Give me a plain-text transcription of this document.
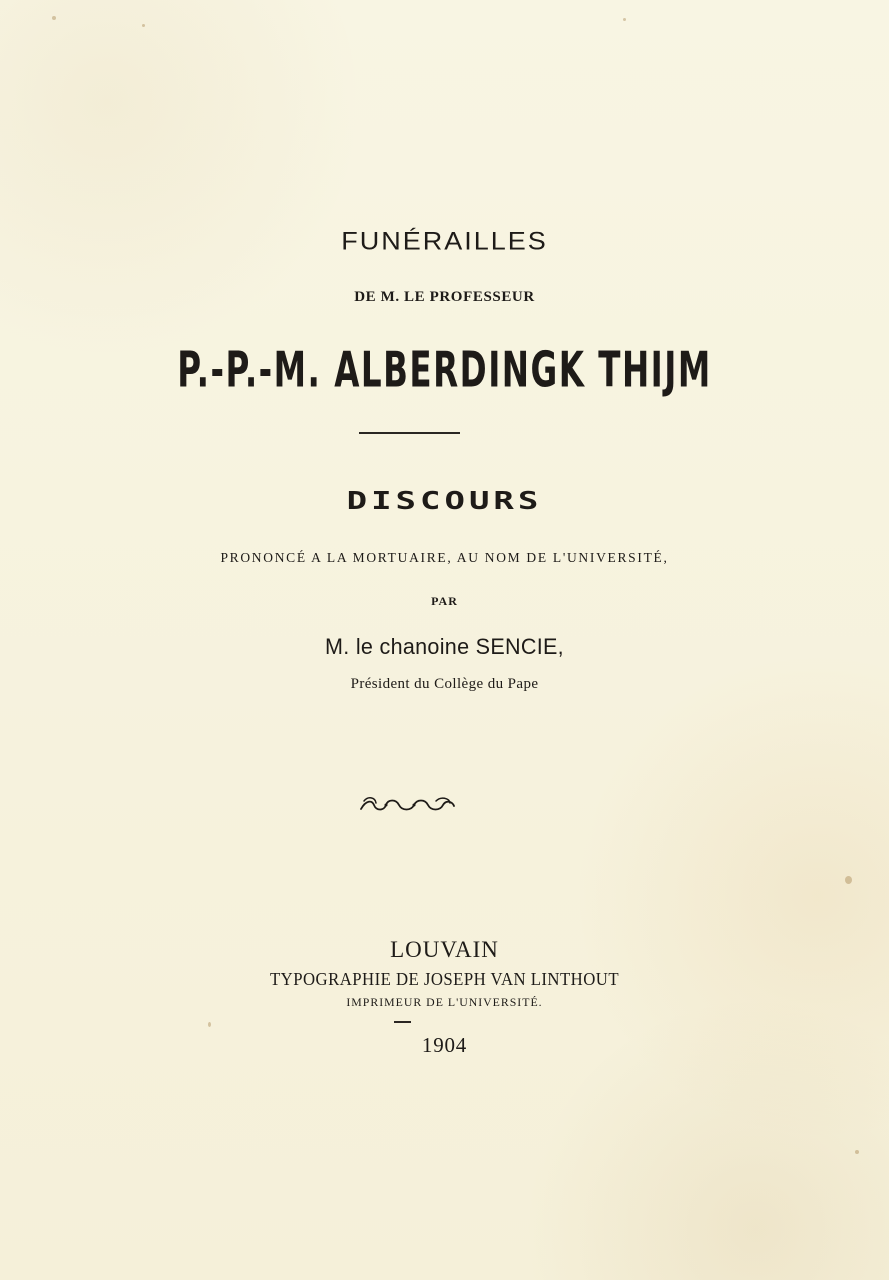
FUNÉRAILLES
DE M. LE PROFESSEUR
P.-P.-M. ALBERDINGK THIJM
DISCOURS
PRONONCÉ A LA MORTUAIRE, AU NOM DE L'UNIVERSITÉ,
PAR
M. le chanoine SENCIE,
Président du Collège du Pape
LOUVAIN
TYPOGRAPHIE DE JOSEPH VAN LINTHOUT
IMPRIMEUR DE L'UNIVERSITÉ.
1904
